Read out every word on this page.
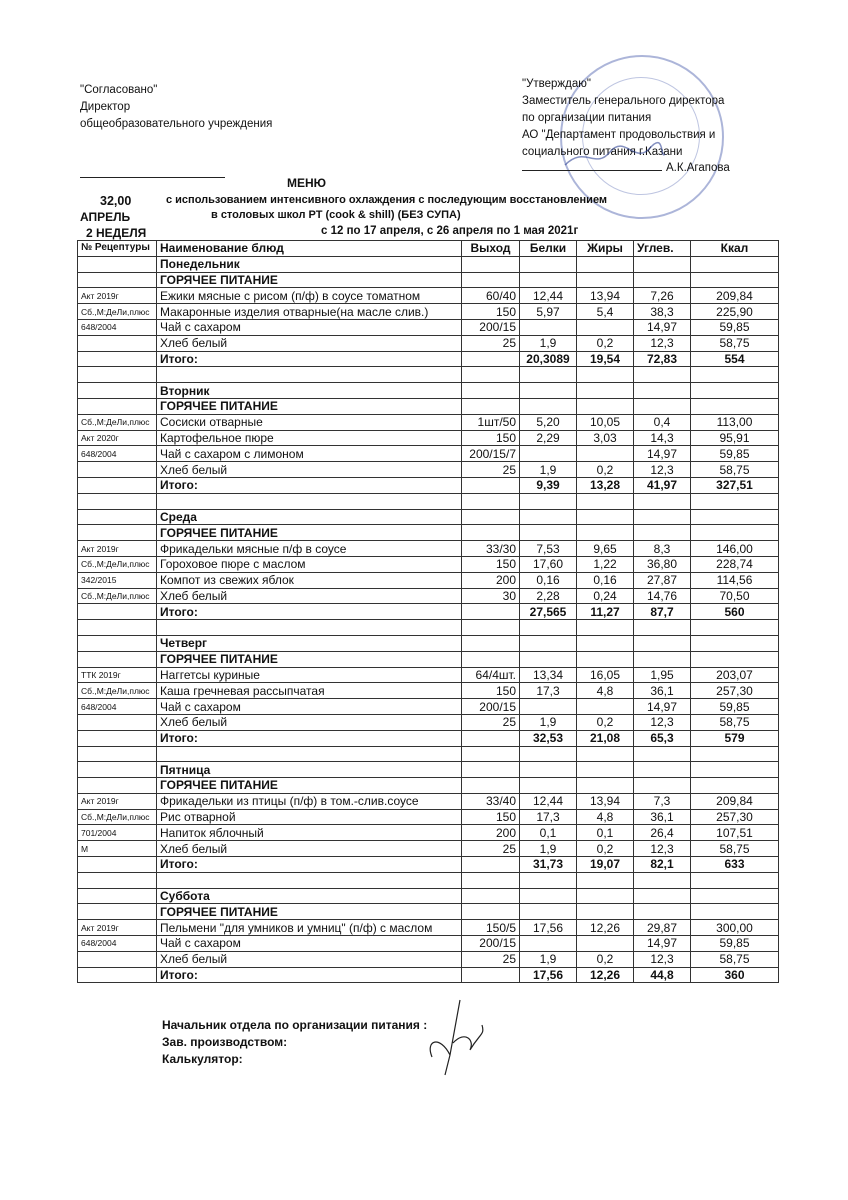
"Согласовано"
Директор
общеобразовательного учреждения
"Утверждаю"
Заместитель генерального директора
по организации питания
АО "Департамент продовольствия и
социального питания г.Казани
А.К.Агапова
МЕНЮ
32,00
АПРЕЛЬ
2 НЕДЕЛЯ
с использованием интенсивного охлаждения с последующим восстановлением
в столовых школ РТ (cook & shill) (БЕЗ СУПА)
с 12 по 17 апреля, с 26 апреля по 1 мая 2021г
№ Рецептуры	Наименование блюд	Выход	Белки	Жиры	Углев.	Ккал
	Понедельник					
	ГОРЯЧЕЕ ПИТАНИЕ					
Акт 2019г	Ежики мясные с рисом (п/ф) в соусе томатном	60/40	12,44	13,94	7,26	209,84
Сб.,М:ДеЛи,плюс	Макаронные изделия отварные(на масле слив.)	150	5,97	5,4	38,3	225,90
648/2004	Чай с сахаром	200/15			14,97	59,85
	Хлеб белый	25	1,9	0,2	12,3	58,75
	Итого:		20,3089	19,54	72,83	554

	Вторник					
	ГОРЯЧЕЕ ПИТАНИЕ					
Сб.,М:ДеЛи,плюс	Сосиски отварные	1шт/50	5,20	10,05	0,4	113,00
Акт 2020г	Картофельное пюре	150	2,29	3,03	14,3	95,91
648/2004	Чай с сахаром с лимоном	200/15/7			14,97	59,85
	Хлеб белый	25	1,9	0,2	12,3	58,75
	Итого:		9,39	13,28	41,97	327,51

	Среда					
	ГОРЯЧЕЕ ПИТАНИЕ					
Акт 2019г	Фрикадельки мясные п/ф в соусе	33/30	7,53	9,65	8,3	146,00
Сб.,М:ДеЛи,плюс	Гороховое пюре с маслом	150	17,60	1,22	36,80	228,74
342/2015	Компот из свежих яблок	200	0,16	0,16	27,87	114,56
Сб.,М:ДеЛи,плюс	Хлеб белый	30	2,28	0,24	14,76	70,50
	Итого:		27,565	11,27	87,7	560

	Четверг					
	ГОРЯЧЕЕ ПИТАНИЕ					
ТТК 2019г	Наггетсы куриные	64/4шт.	13,34	16,05	1,95	203,07
Сб.,М:ДеЛи,плюс	Каша гречневая рассыпчатая	150	17,3	4,8	36,1	257,30
648/2004	Чай с сахаром	200/15			14,97	59,85
	Хлеб белый	25	1,9	0,2	12,3	58,75
	Итого:		32,53	21,08	65,3	579

	Пятница					
	ГОРЯЧЕЕ ПИТАНИЕ					
Акт 2019г	Фрикадельки из птицы (п/ф) в том.-слив.соусе	33/40	12,44	13,94	7,3	209,84
Сб.,М:ДеЛи,плюс	Рис отварной	150	17,3	4,8	36,1	257,30
701/2004	Напиток яблочный	200	0,1	0,1	26,4	107,51
М	Хлеб белый	25	1,9	0,2	12,3	58,75
	Итого:		31,73	19,07	82,1	633

	Суббота					
	ГОРЯЧЕЕ ПИТАНИЕ					
Акт 2019г	Пельмени "для умников и умниц" (п/ф) с маслом	150/5	17,56	12,26	29,87	300,00
648/2004	Чай с сахаром	200/15			14,97	59,85
	Хлеб белый	25	1,9	0,2	12,3	58,75
	Итого:		17,56	12,26	44,8	360
Начальник отдела по организации питания :
Зав. производством:
Калькулятор:
